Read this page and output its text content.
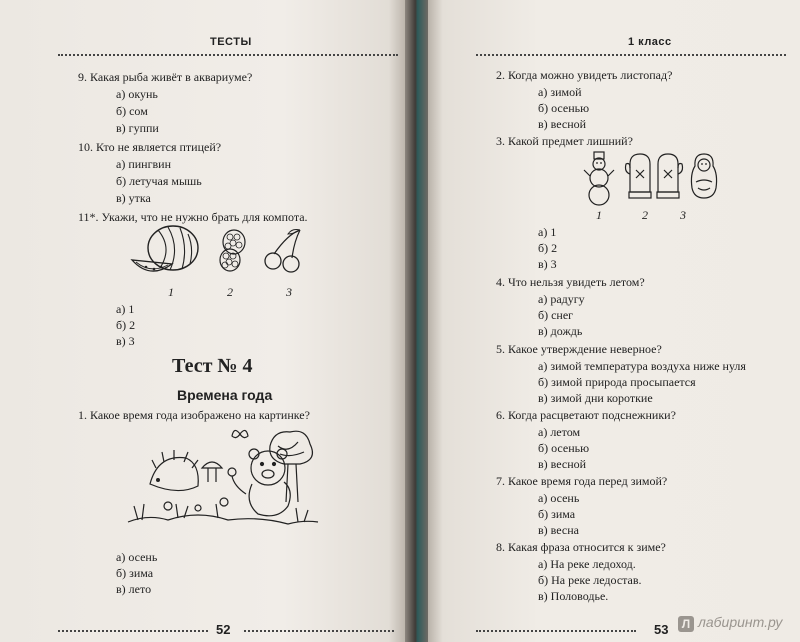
ТЕСТЫ
9. Какая рыба живёт в аквариуме?
а) окунь
б) сом
в) гуппи
10. Кто не является птицей?
а) пингвин
б) летучая мышь
в) утка
11*. Укажи, что не нужно брать для компота.
1	2	3
а) 1
б) 2
в) 3
Тест № 4
Времена года
1. Какое время года изображено на картинке?
а) осень
б) зима
в) лето
52
1 класс
2. Когда можно увидеть листопад?
а) зимой
б) осенью
в) весной
3. Какой предмет лишний?
1	2	3
а) 1
б) 2
в) 3
4. Что нельзя увидеть летом?
а) радугу
б) снег
в) дождь
5. Какое утверждение неверное?
а) зимой температура воздуха ниже нуля
б) зимой природа просыпается
в) зимой дни короткие
6. Когда расцветают подснежники?
а) летом
б) осенью
в) весной
7. Какое время года перед зимой?
а) осень
б) зима
в) весна
8. Какая фраза относится к зиме?
а) На реке ледоход.
б) На реке ледостав.
в) Половодье.
53	Л лабиринт.ру
